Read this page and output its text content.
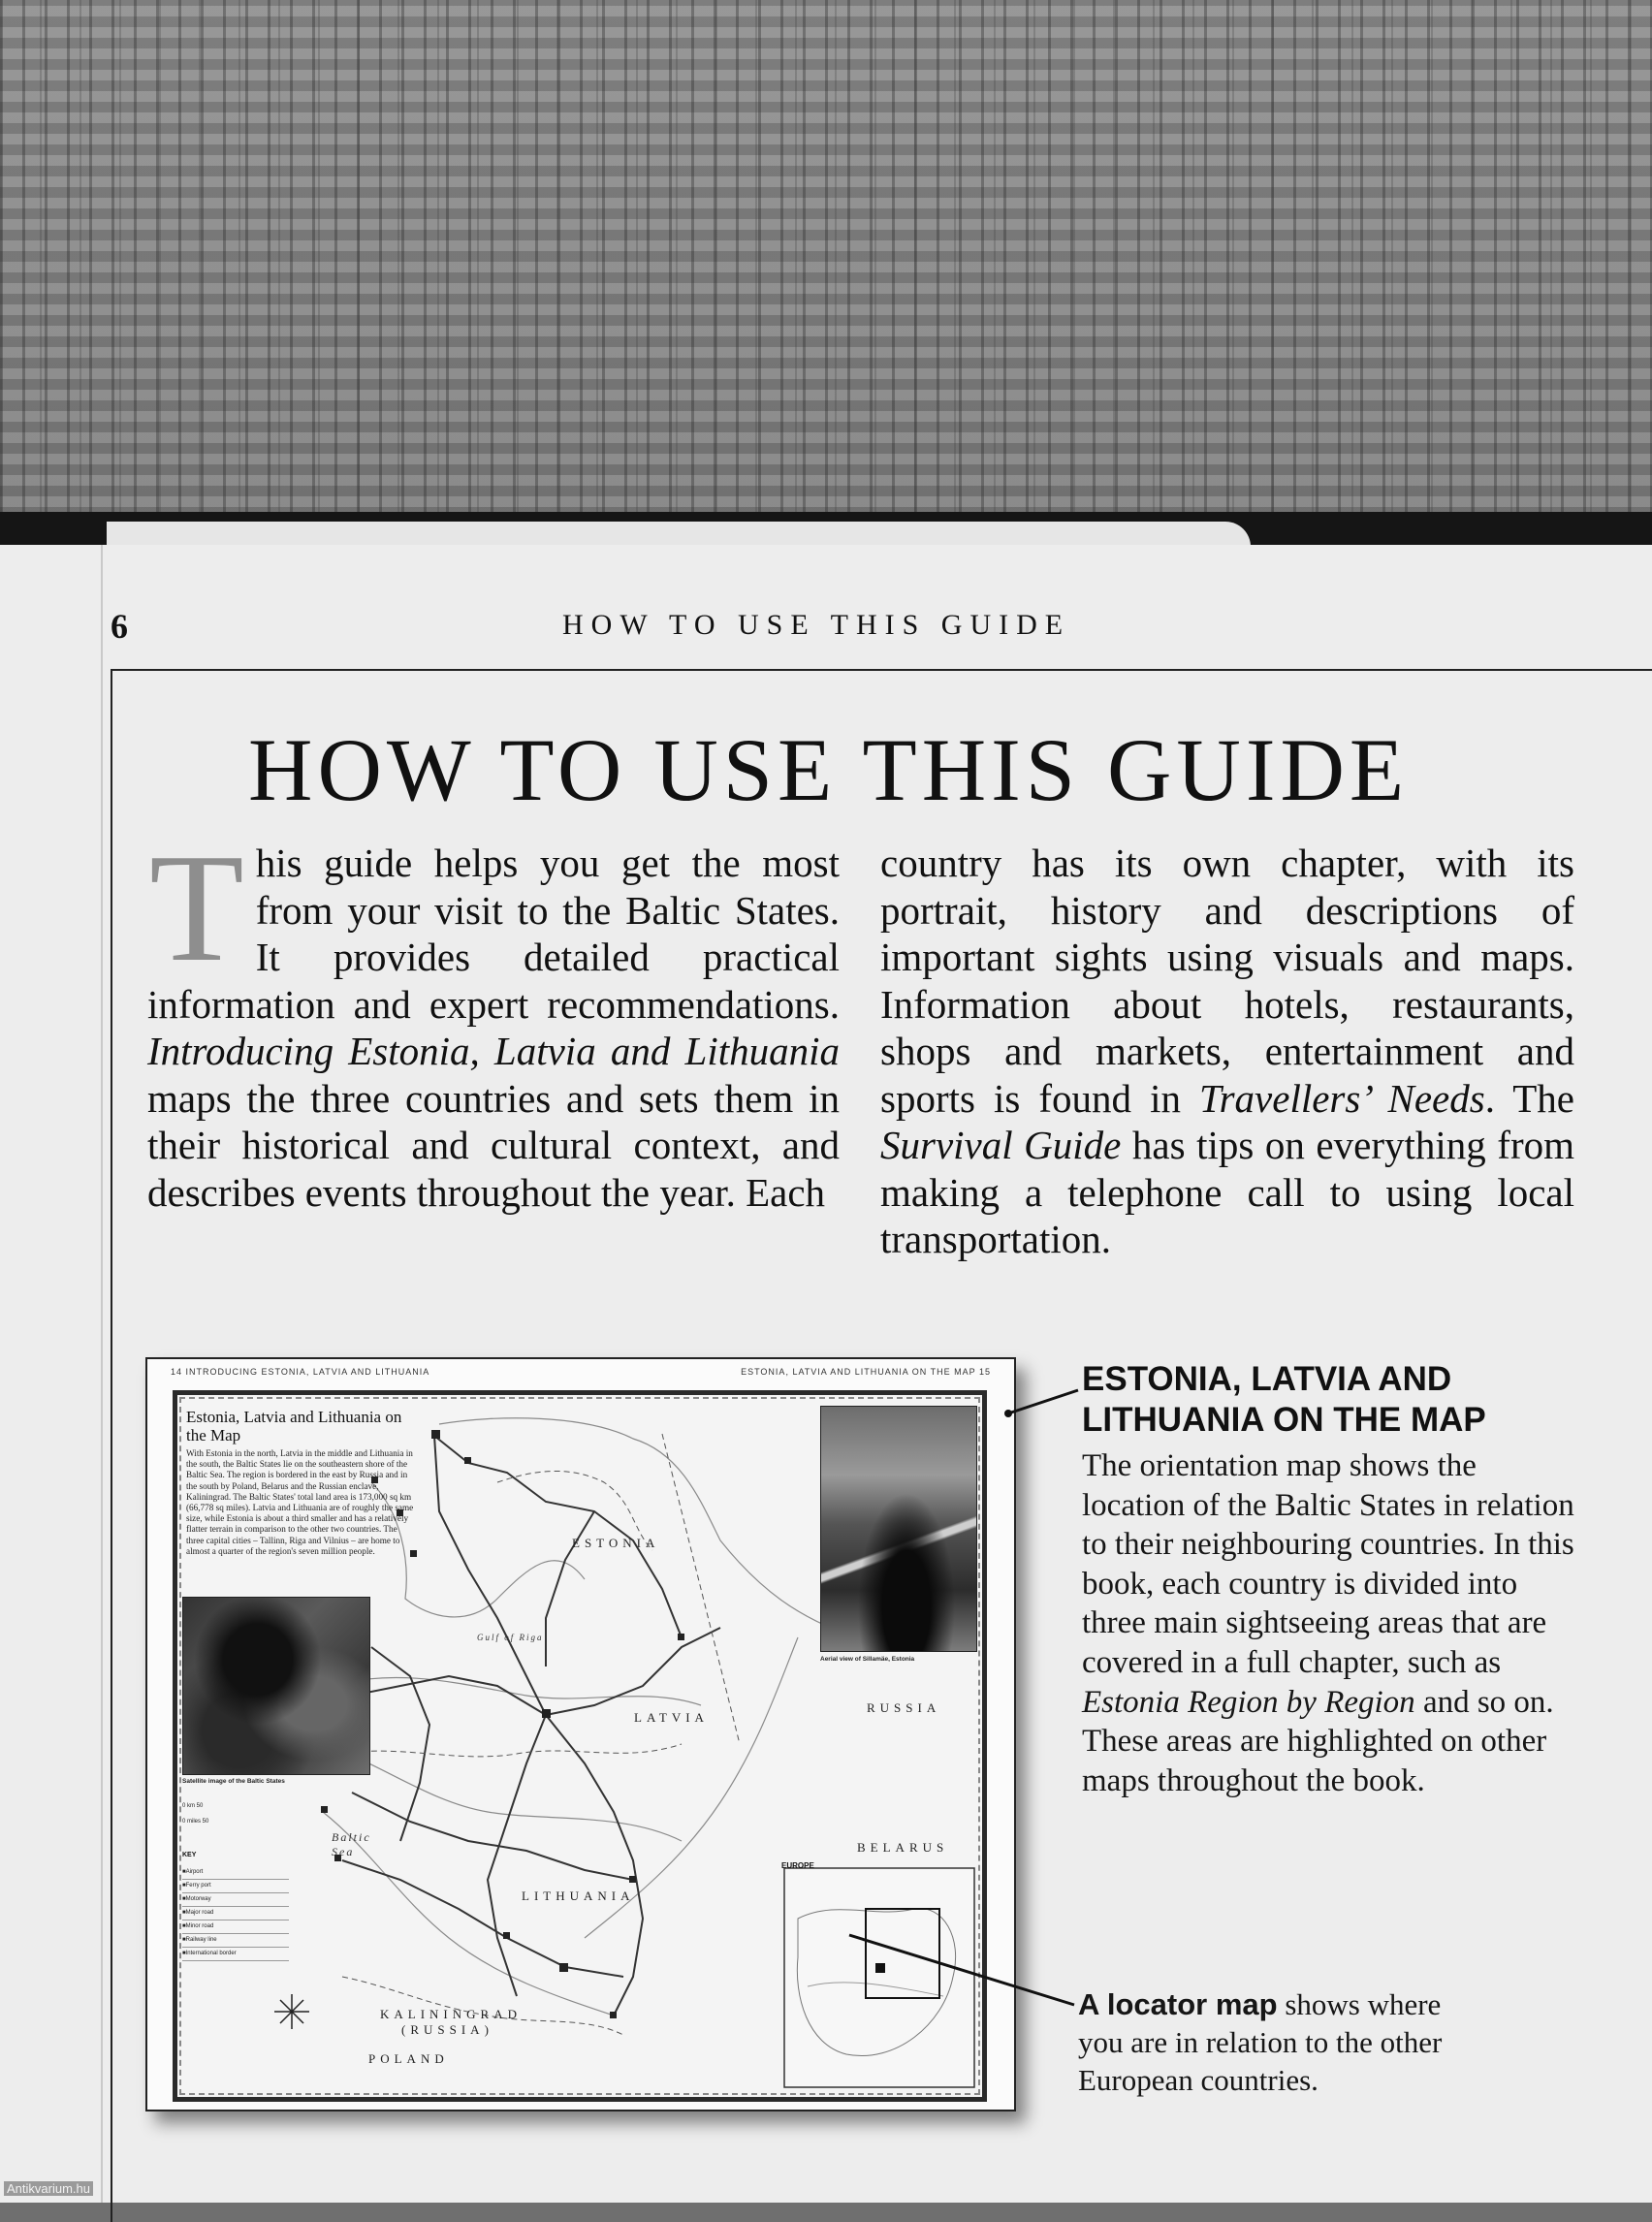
6	HOW TO USE THIS GUIDE
HOW TO USE THIS GUIDE

This guide helps you get the most from your visit to the Baltic States. It provides detailed practical information and expert recommendations. Introducing Estonia, Latvia and Lithuania maps the three countries and sets them in their historical and cultural context, and describes events throughout the year. Each

country has its own chapter, with its portrait, history and descriptions of important sights using visuals and maps. Information about hotels, restaurants, shops and markets, entertainment and sports is found in Travellers’ Needs. The Survival Guide has tips on everything from making a telephone call to using local transportation.

14 INTRODUCING ESTONIA, LATVIA AND LITHUANIA	ESTONIA, LATVIA AND LITHUANIA ON THE MAP 15
Estonia, Latvia and Lithuania on the Map
With Estonia in the north, Latvia in the middle and Lithuania in the south, the Baltic States lie on the southeastern shore of the Baltic Sea. The region is bordered in the east by Russia and in the south by Poland, Belarus and the Russian enclave, Kaliningrad. The Baltic States' total land area is 173,000 sq km (66,778 sq miles). Latvia and Lithuania are of roughly the same size, while Estonia is about a third smaller and has a relatively flatter terrain in comparison to the other two countries. The three capital cities – Tallinn, Riga and Vilnius – are home to almost a quarter of the region's seven million people.
Satellite image of the Baltic States
0 km 50
0 miles 50
KEY
■ Airport
■ Ferry port
■ Motorway
■ Major road
■ Minor road
■ Railway line
■ International border
Aerial view of Sillamäe, Estonia
EUROPE
ESTONIA
LATVIA
LITHUANIA
RUSSIA
BELARUS
POLAND
KALININGRAD
(RUSSIA)
Baltic Sea
Gulf of Riga
ESTONIA, LATVIA AND LITHUANIA ON THE MAP

The orientation map shows the location of the Baltic States in relation to their neighbouring countries. In this book, each country is divided into three main sightseeing areas that are covered in a full chapter, such as Estonia Region by Region and so on. These areas are highlighted on other maps throughout the book.

A locator map shows where you are in relation to the other European countries.

Antikvarium.hu
